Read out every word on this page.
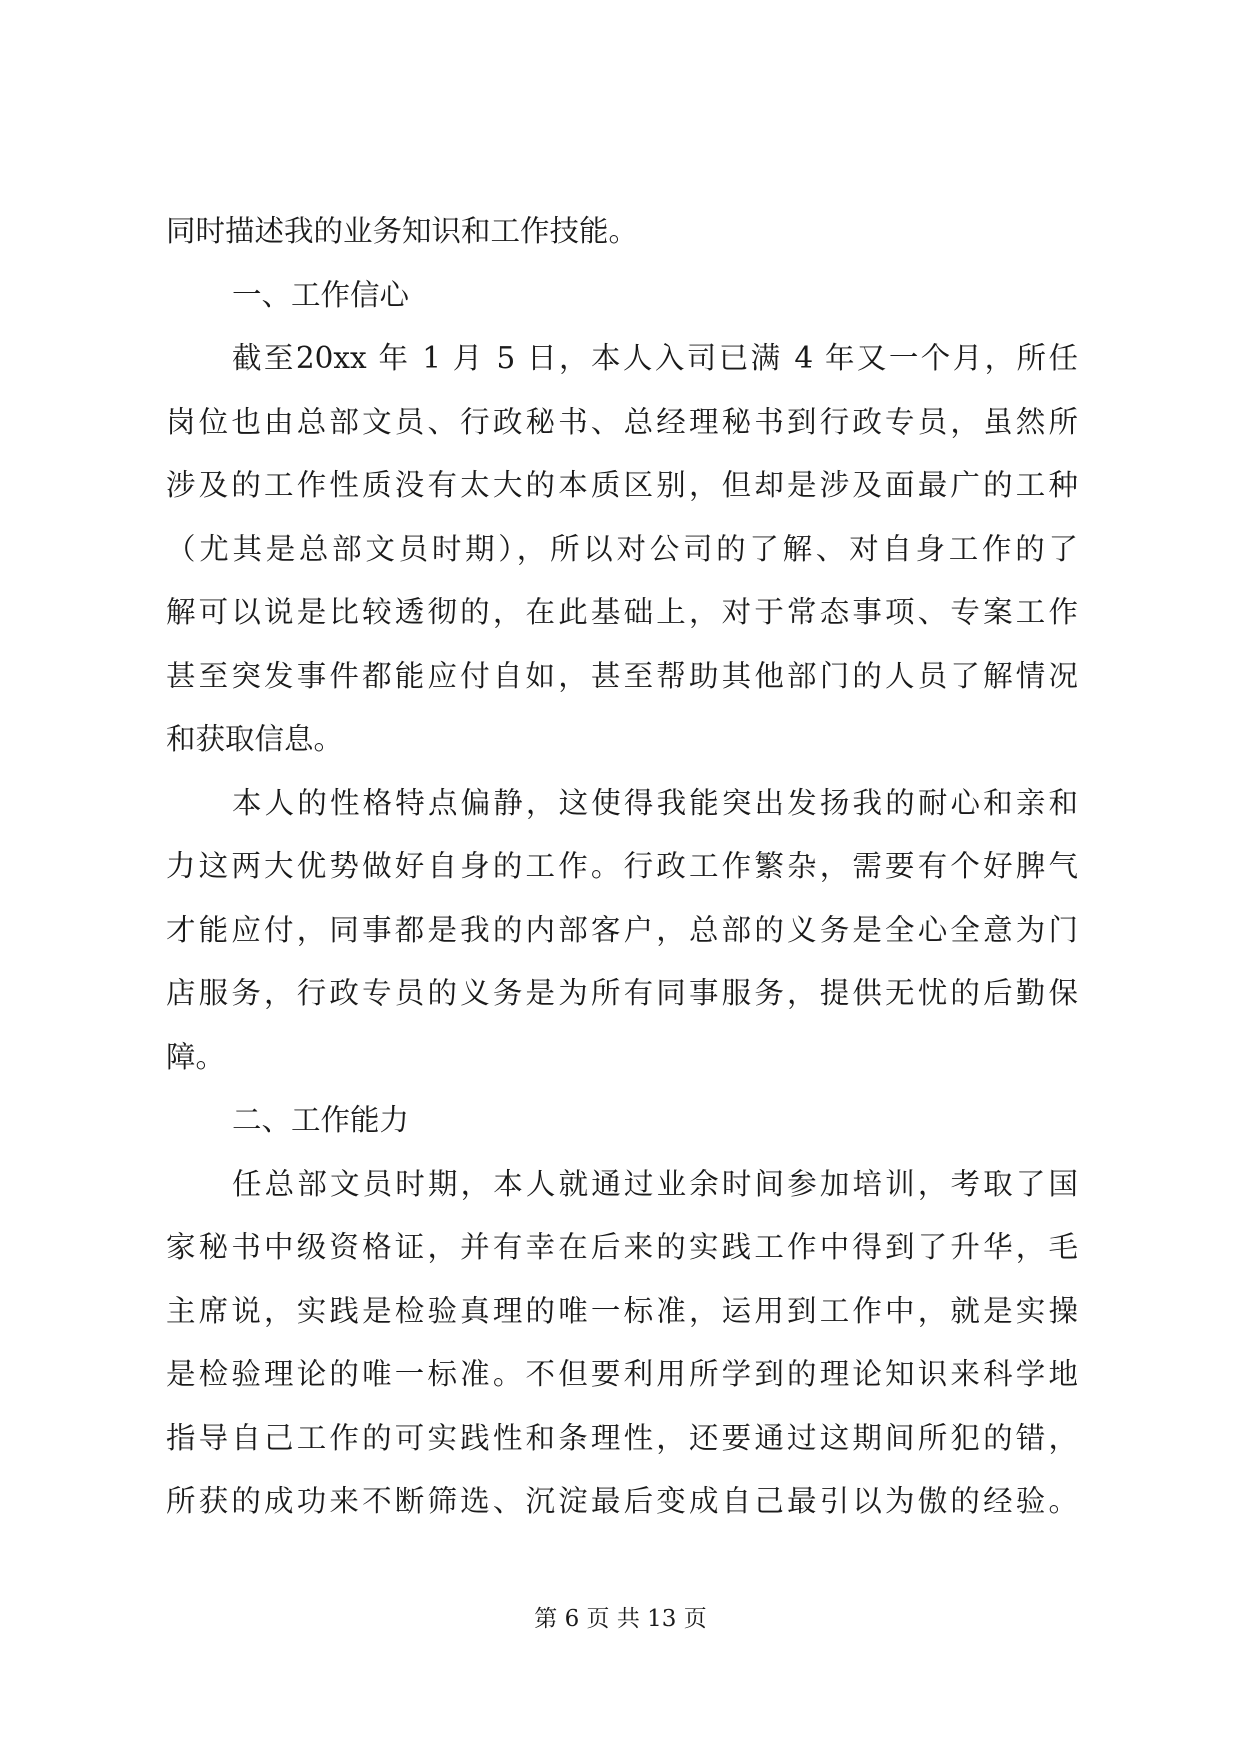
同时描述我的业务知识和工作技能。
一、工作信心
截至20xx 年 1 月 5 日，本人入司已满 4 年又一个月，所任
岗位也由总部文员、行政秘书、总经理秘书到行政专员，虽然所
涉及的工作性质没有太大的本质区别，但却是涉及面最广的工种
（尤其是总部文员时期），所以对公司的了解、对自身工作的了
解可以说是比较透彻的，在此基础上，对于常态事项、专案工作
甚至突发事件都能应付自如，甚至帮助其他部门的人员了解情况
和获取信息。
本人的性格特点偏静，这使得我能突出发扬我的耐心和亲和
力这两大优势做好自身的工作。行政工作繁杂，需要有个好脾气
才能应付，同事都是我的内部客户，总部的义务是全心全意为门
店服务，行政专员的义务是为所有同事服务，提供无忧的后勤保
障。
二、工作能力
任总部文员时期，本人就通过业余时间参加培训，考取了国
家秘书中级资格证，并有幸在后来的实践工作中得到了升华，毛
主席说，实践是检验真理的唯一标准，运用到工作中，就是实操
是检验理论的唯一标准。不但要利用所学到的理论知识来科学地
指导自己工作的可实践性和条理性，还要通过这期间所犯的错，
所获的成功来不断筛选、沉淀最后变成自己最引以为傲的经验。
第 6 页 共 13 页
